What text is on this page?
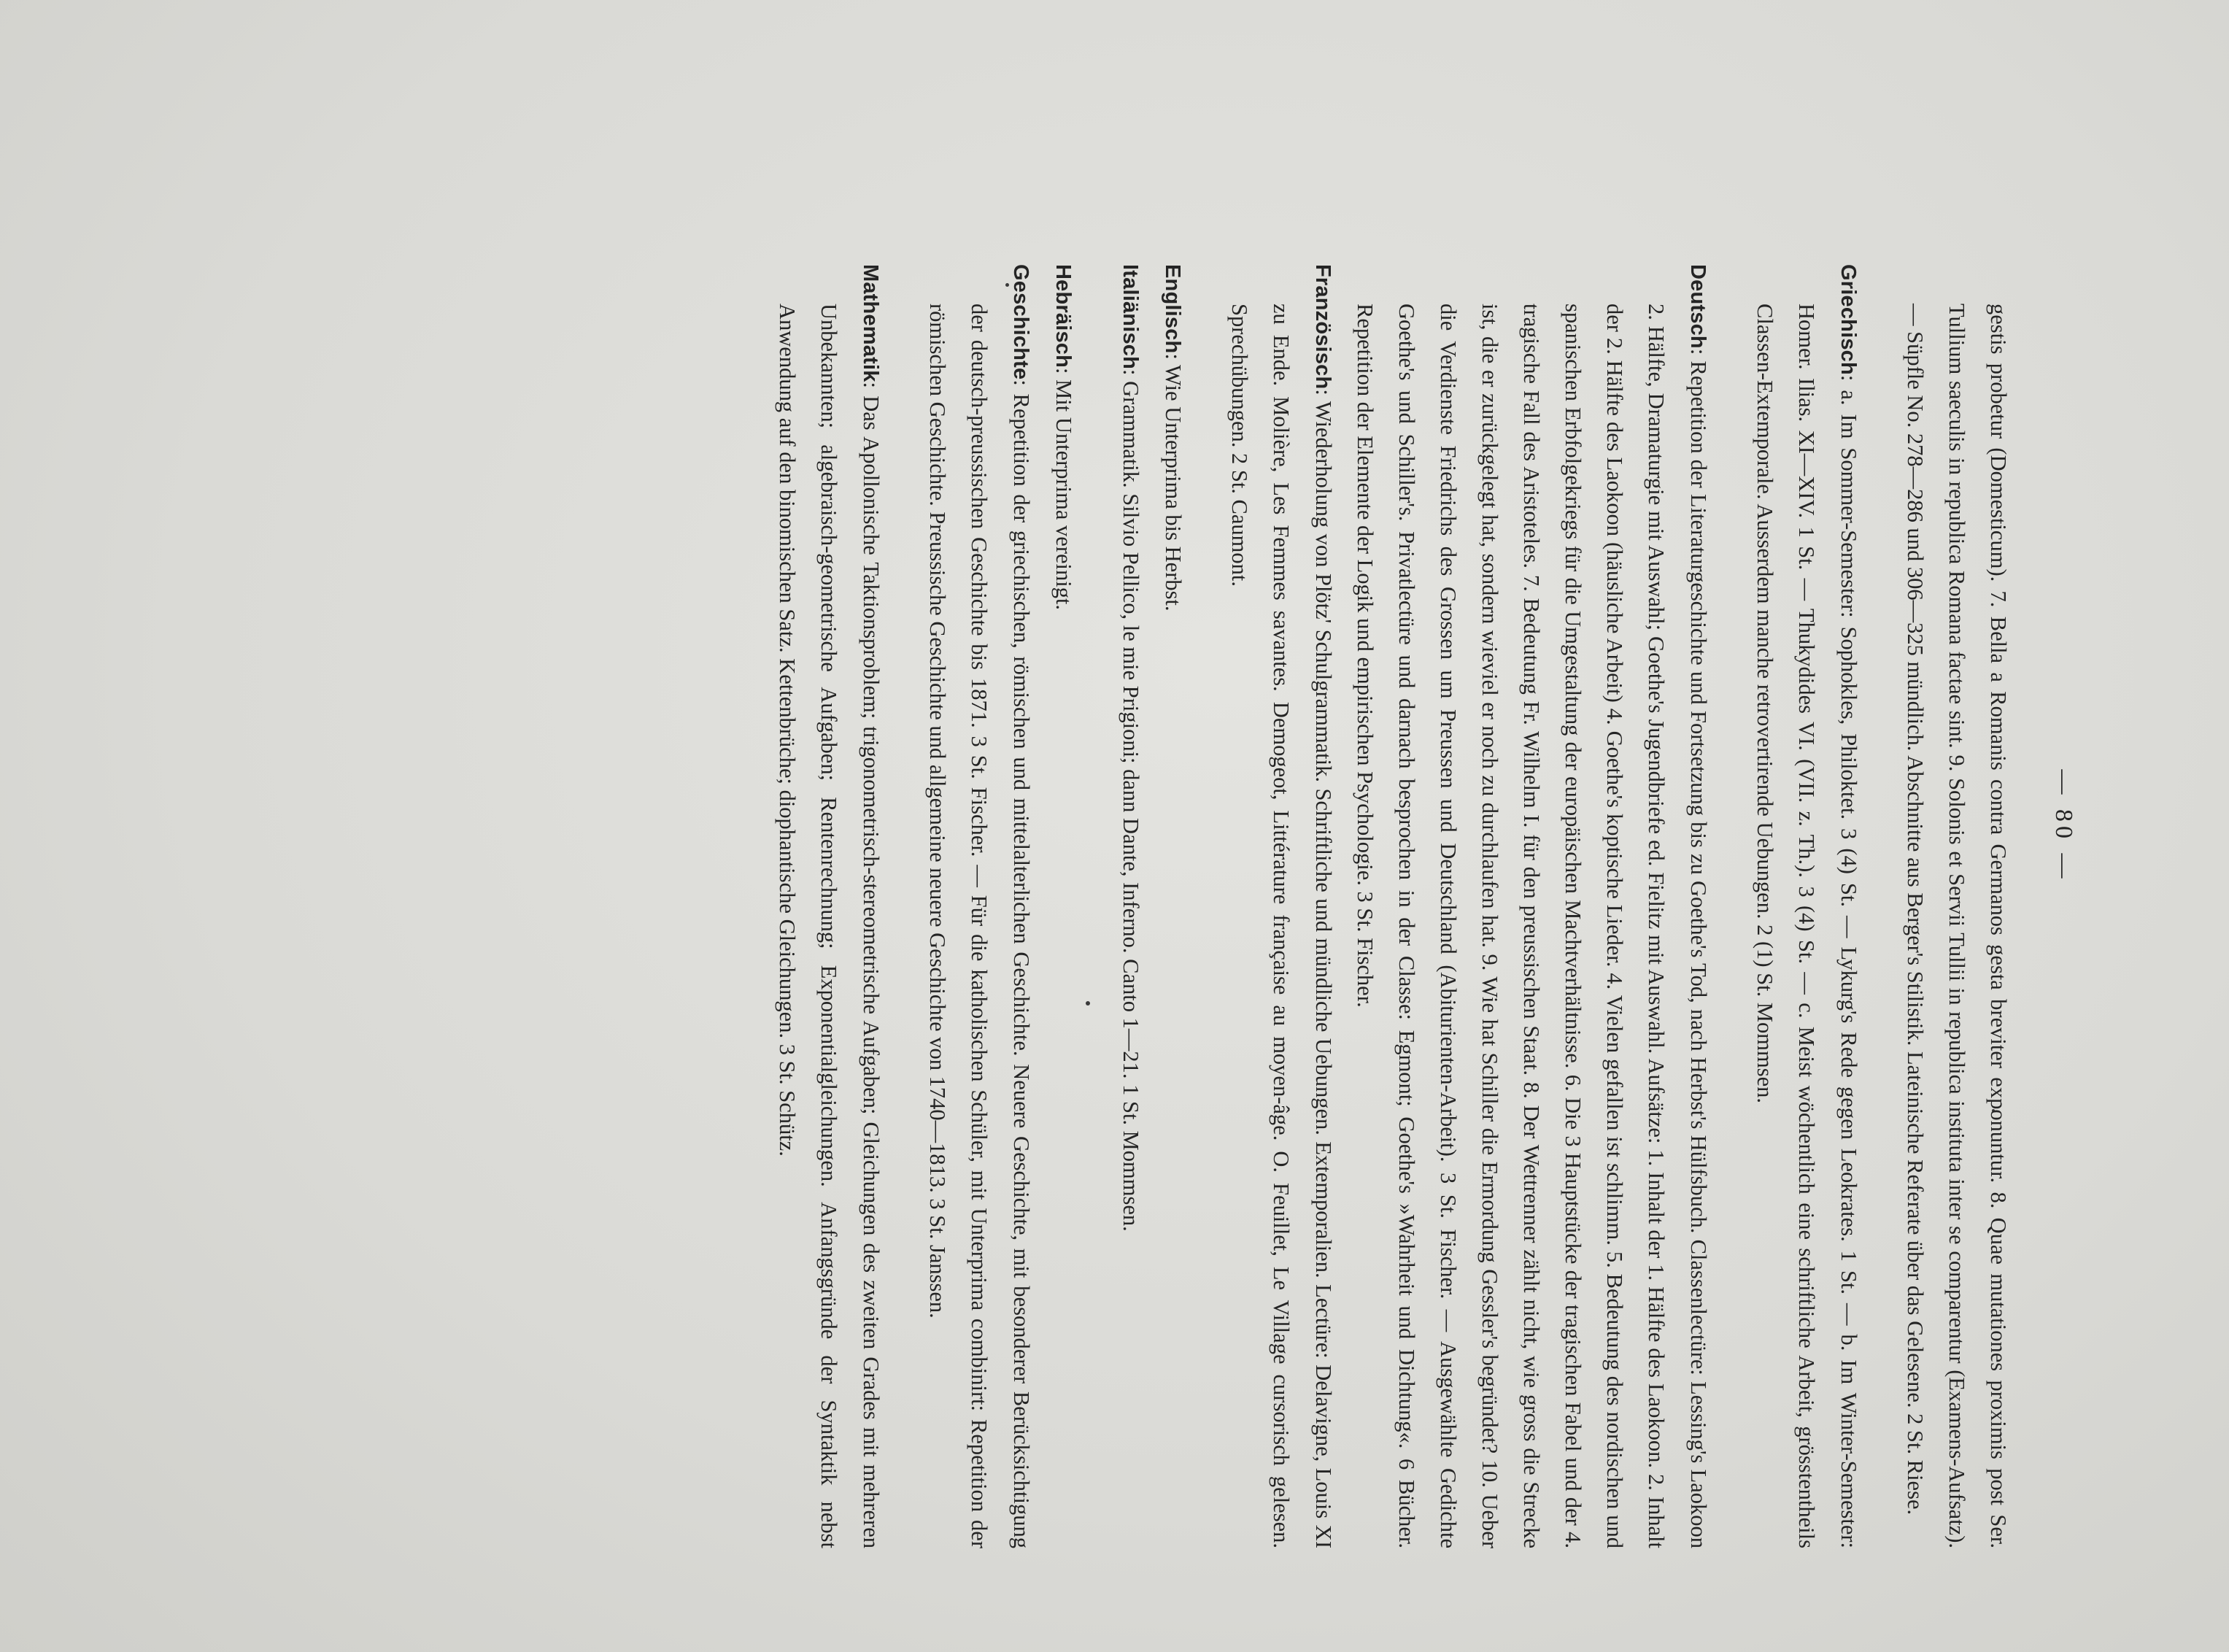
— 80 —

gestis probetur (Domesticum). 7. Bella a Romanis contra Germanos gesta breviter exponuntur. 8. Quae mutationes proximis post Ser. Tullium saeculis in republica Romana factae sint. 9. Solonis et Servii Tullii in republica instituta inter se comparentur (Examens-Aufsatz). — Süpfle No. 278—286 und 306—325 mündlich. Abschnitte aus Berger's Stilistik. Lateinische Referate über das Gelesene. 2 St. Riese.

Griechisch: a. Im Sommer-Semester: Sophokles, Philoktet. 3 (4) St. — Lykurg's Rede gegen Leokrates. 1 St. — b. Im Winter-Semester: Homer. Ilias. XI—XIV. 1 St. — Thukydides VI. (VII. z. Th.). 3 (4) St. — c. Meist wöchentlich eine schriftliche Arbeit, grösstentheils Classen-Extemporale. Ausserdem manche retrovertirende Uebungen. 2 (1) St. Mommsen.

Deutsch: Repetition der Literaturgeschichte und Fortsetzung bis zu Goethe's Tod, nach Herbst's Hülfsbuch. Classenlectüre: Lessing's Laokoon 2. Hälfte, Dramaturgie mit Auswahl; Goethe's Jugendbriefe ed. Fielitz mit Auswahl. Aufsätze: 1. Inhalt der 1. Hälfte des Laokoon. 2. Inhalt der 2. Hälfte des Laokoon (häusliche Arbeit) 4. Goethe's koptische Lieder. 4. Vielen gefallen ist schlimm. 5. Bedeutung des nordischen und spanischen Erbfolgekriegs für die Umgestaltung der europäischen Machtverhältnisse. 6. Die 3 Hauptstücke der tragischen Fabel und der 4. tragische Fall des Aristoteles. 7. Bedeutung Fr. Wilhelm I. für den preussischen Staat. 8. Der Wettrenner zählt nicht, wie gross die Strecke ist, die er zurückgelegt hat, sondern wieviel er noch zu durchlaufen hat. 9. Wie hat Schiller die Ermordung Gessler's begründet? 10. Ueber die Verdienste Friedrichs des Grossen um Preussen und Deutschland (Abiturienten-Arbeit). 3 St. Fischer. — Ausgewählte Gedichte Goethe's und Schiller's. Privatlectüre und darnach besprochen in der Classe: Egmont; Goethe's »Wahrheit und Dichtung«. 6 Bücher. Repetition der Elemente der Logik und empirischen Psychologie. 3 St. Fischer.

Französisch: Wiederholung von Plötz' Schulgrammatik. Schriftliche und mündliche Uebungen. Extemporalien. Lectüre: Delavigne, Louis XI zu Ende. Molière, Les Femmes savantes. Demogeot, Littérature française au moyen-âge. O. Feuillet, Le Village cursorisch gelesen. Sprechübungen. 2 St. Caumont.

Englisch: Wie Unterprima bis Herbst.

Italiänisch: Grammatik. Silvio Pellico, le mie Prigioni; dann Dante, Inferno. Canto 1—21. 1 St. Mommsen.

Hebräisch: Mit Unterprima vereinigt.

Geschichte: Repetition der griechischen, römischen und mittelalterlichen Geschichte. Neuere Geschichte, mit besonderer Berücksichtigung der deutsch-preussischen Geschichte bis 1871. 3 St. Fischer. — Für die katholischen Schüler, mit Unterprima combinirt: Repetition der römischen Geschichte. Preussische Geschichte und allgemeine neuere Geschichte von 1740—1813. 3 St. Janssen.

Mathematik: Das Apollonische Taktionsproblem; trigonometrisch-stereometrische Aufgaben; Gleichungen des zweiten Grades mit mehreren Unbekannten; algebraisch-geometrische Aufgaben; Rentenrechnung; Exponentialgleichungen. Anfangsgründe der Syntaktik nebst Anwendung auf den binomischen Satz. Kettenbrüche; diophantische Gleichungen. 3 St. Schütz.
